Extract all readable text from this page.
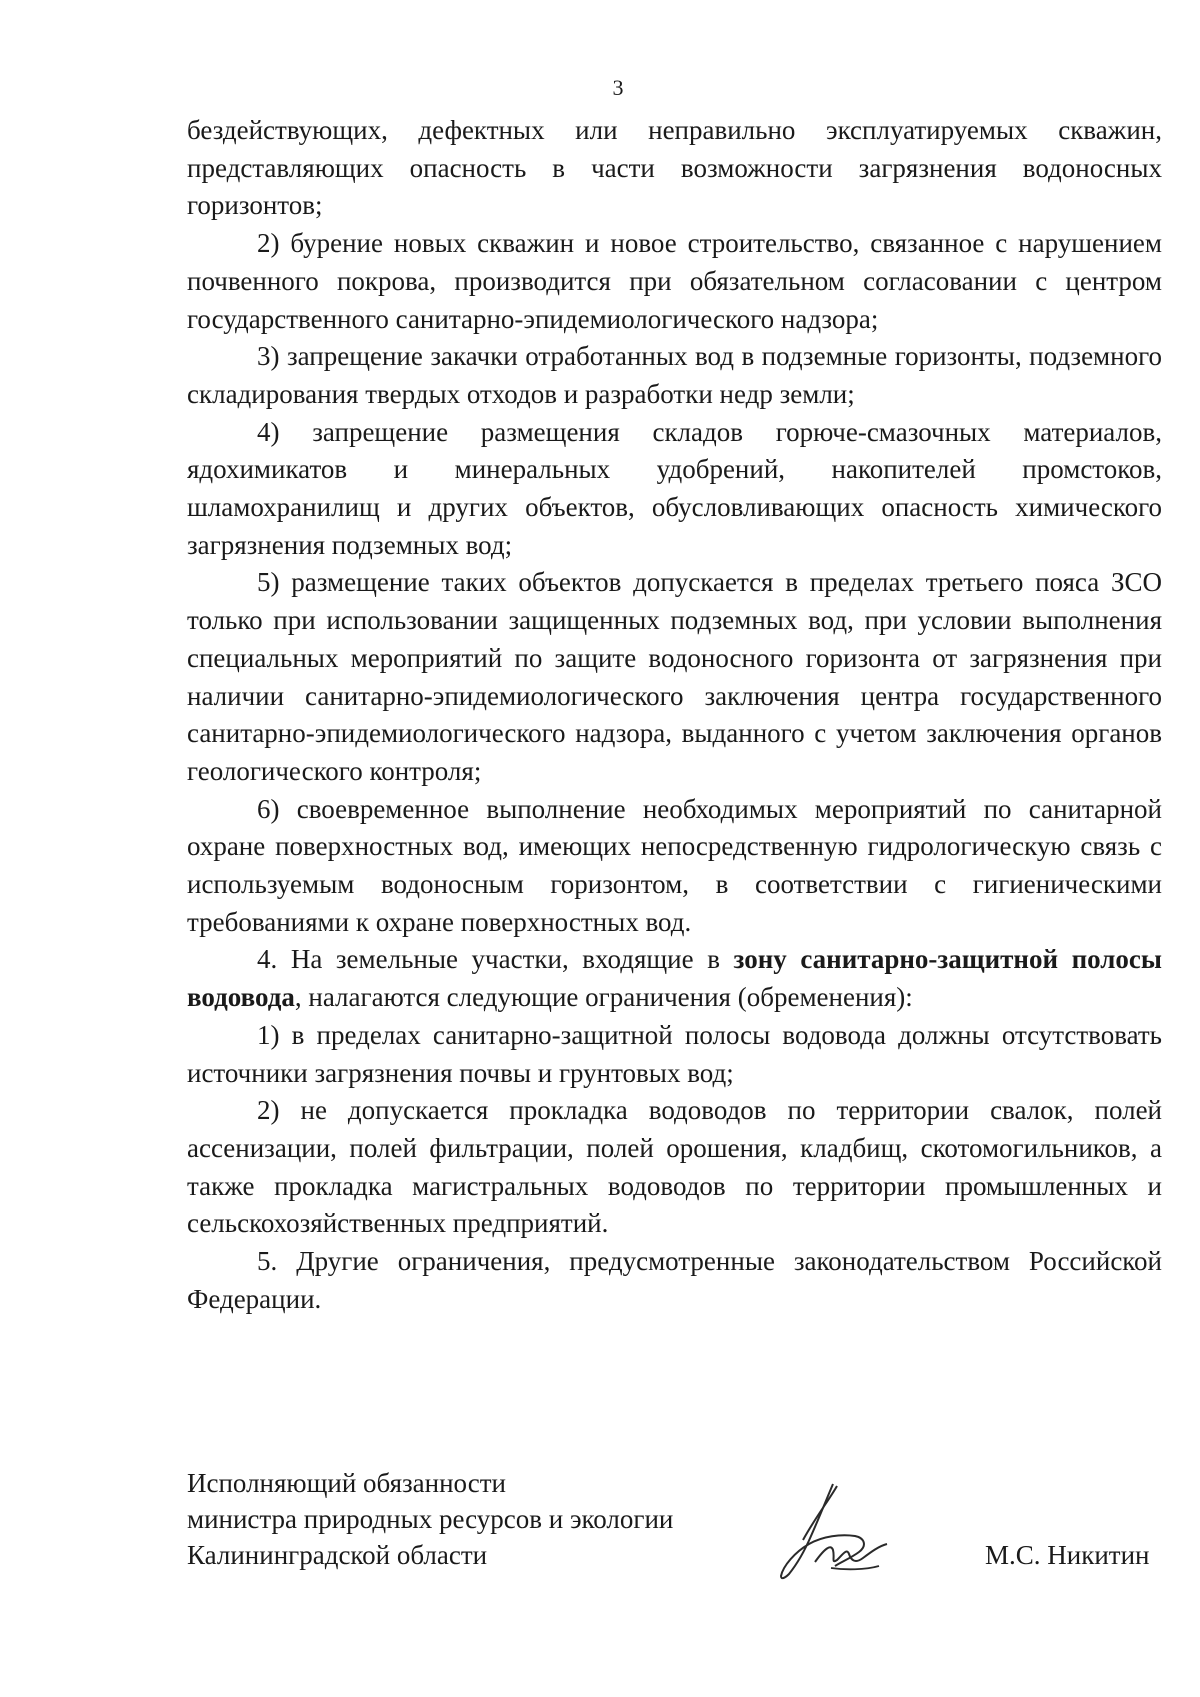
3

бездействующих, дефектных или неправильно эксплуатируемых скважин, представляющих опасность в части возможности загрязнения водоносных горизонтов;

2) бурение новых скважин и новое строительство, связанное с нарушением почвенного покрова, производится при обязательном согласовании с центром государственного санитарно-эпидемиологического надзора;

3) запрещение закачки отработанных вод в подземные горизонты, подземного складирования твердых отходов и разработки недр земли;

4) запрещение размещения складов горюче-смазочных материалов, ядохимикатов и минеральных удобрений, накопителей промстоков, шламохранилищ и других объектов, обусловливающих опасность химического загрязнения подземных вод;

5) размещение таких объектов допускается в пределах третьего пояса ЗСО только при использовании защищенных подземных вод, при условии выполнения специальных мероприятий по защите водоносного горизонта от загрязнения при наличии санитарно-эпидемиологического заключения центра государственного санитарно-эпидемиологического надзора, выданного с учетом заключения органов геологического контроля;

6) своевременное выполнение необходимых мероприятий по санитарной охране поверхностных вод, имеющих непосредственную гидрологическую связь с используемым водоносным горизонтом, в соответствии с гигиеническими требованиями к охране поверхностных вод.

4. На земельные участки, входящие в зону санитарно-защитной полосы водовода, налагаются следующие ограничения (обременения):

1) в пределах санитарно-защитной полосы водовода должны отсутствовать источники загрязнения почвы и грунтовых вод;

2) не допускается прокладка водоводов по территории свалок, полей ассенизации, полей фильтрации, полей орошения, кладбищ, скотомогильников, а также прокладка магистральных водоводов по территории промышленных и сельскохозяйственных предприятий.

5. Другие ограничения, предусмотренные законодательством Российской Федерации.

Исполняющий обязанности
министра природных ресурсов и экологии
Калининградской области	М.С. Никитин
